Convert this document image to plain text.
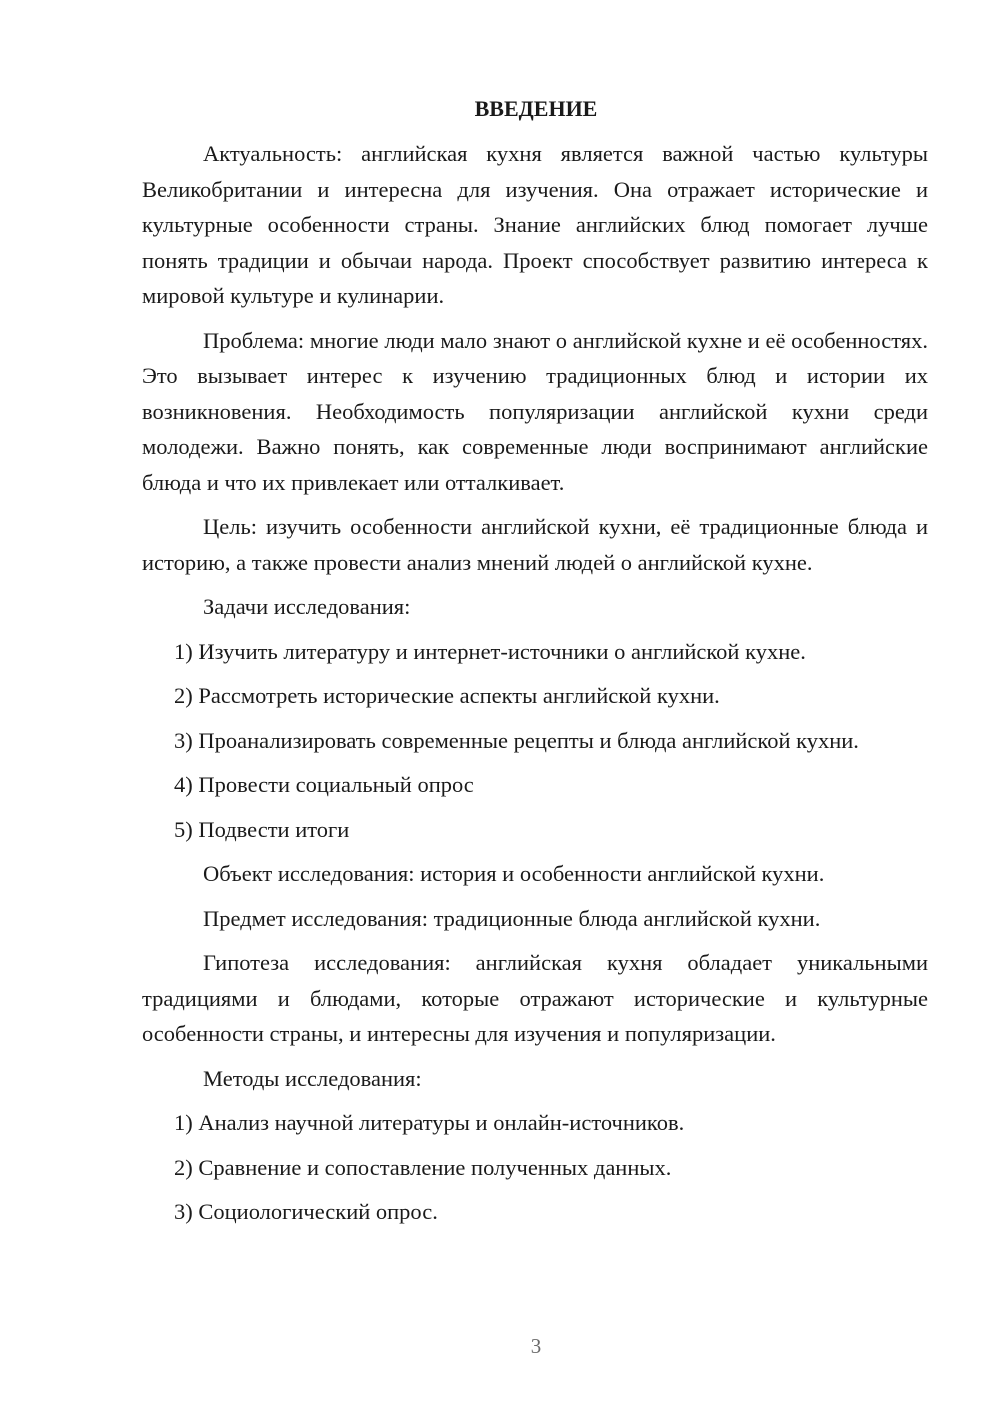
ВВЕДЕНИЕ

Актуальность: английская кухня является важной частью культуры Великобритании и интересна для изучения. Она отражает исторические и культурные особенности страны. Знание английских блюд помогает лучше понять традиции и обычаи народа. Проект способствует развитию интереса к мировой культуре и кулинарии.

Проблема: многие люди мало знают о английской кухне и её особенностях. Это вызывает интерес к изучению традиционных блюд и истории их возникновения. Необходимость популяризации английской кухни среди молодежи. Важно понять, как современные люди воспринимают английские блюда и что их привлекает или отталкивает.

Цель: изучить особенности английской кухни, её традиционные блюда и историю, а также провести анализ мнений людей о английской кухне.

Задачи исследования:

1) Изучить литературу и интернет-источники о английской кухне.

2) Рассмотреть исторические аспекты английской кухни.

3) Проанализировать современные рецепты и блюда английской кухни.

4) Провести социальный опрос

5) Подвести итоги

Объект исследования: история и особенности английской кухни.

Предмет исследования: традиционные блюда английской кухни.

Гипотеза исследования: английская кухня обладает уникальными традициями и блюдами, которые отражают исторические и культурные особенности страны, и интересны для изучения и популяризации.

Методы исследования:

1) Анализ научной литературы и онлайн-источников.

2) Сравнение и сопоставление полученных данных.

3) Социологический опрос.

3
